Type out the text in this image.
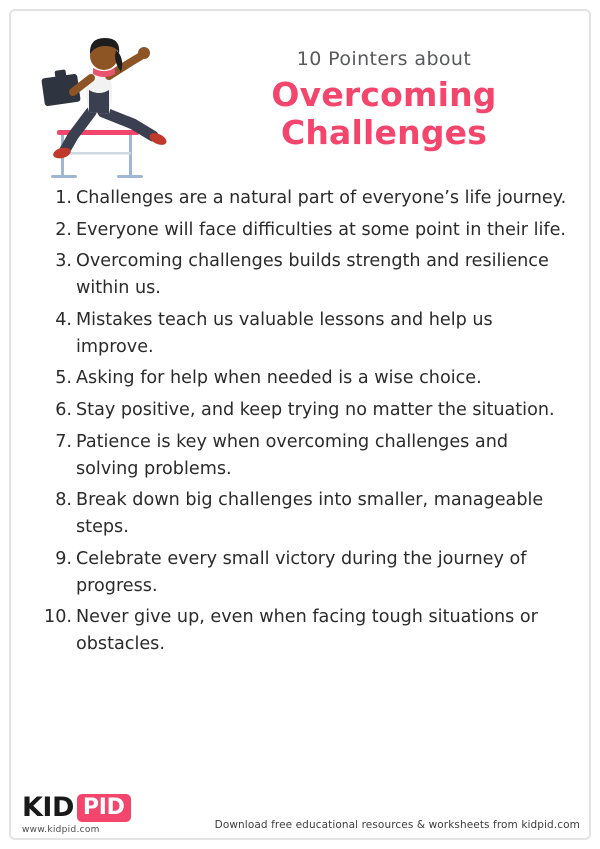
10 Pointers about

Overcoming Challenges
Challenges are a natural part of everyone’s life journey.
Everyone will face difficulties at some point in their life.
Overcoming challenges builds strength and resilience within us.
Mistakes teach us valuable lessons and help us improve.
Asking for help when needed is a wise choice.
Stay positive, and keep trying no matter the situation.
Patience is key when overcoming challenges and solving problems.
Break down big challenges into smaller, manageable steps.
Celebrate every small victory during the journey of progress.
Never give up, even when facing tough situations or obstacles.
KID PID
www.kidpid.com	Download free educational resources & worksheets from kidpid.com
